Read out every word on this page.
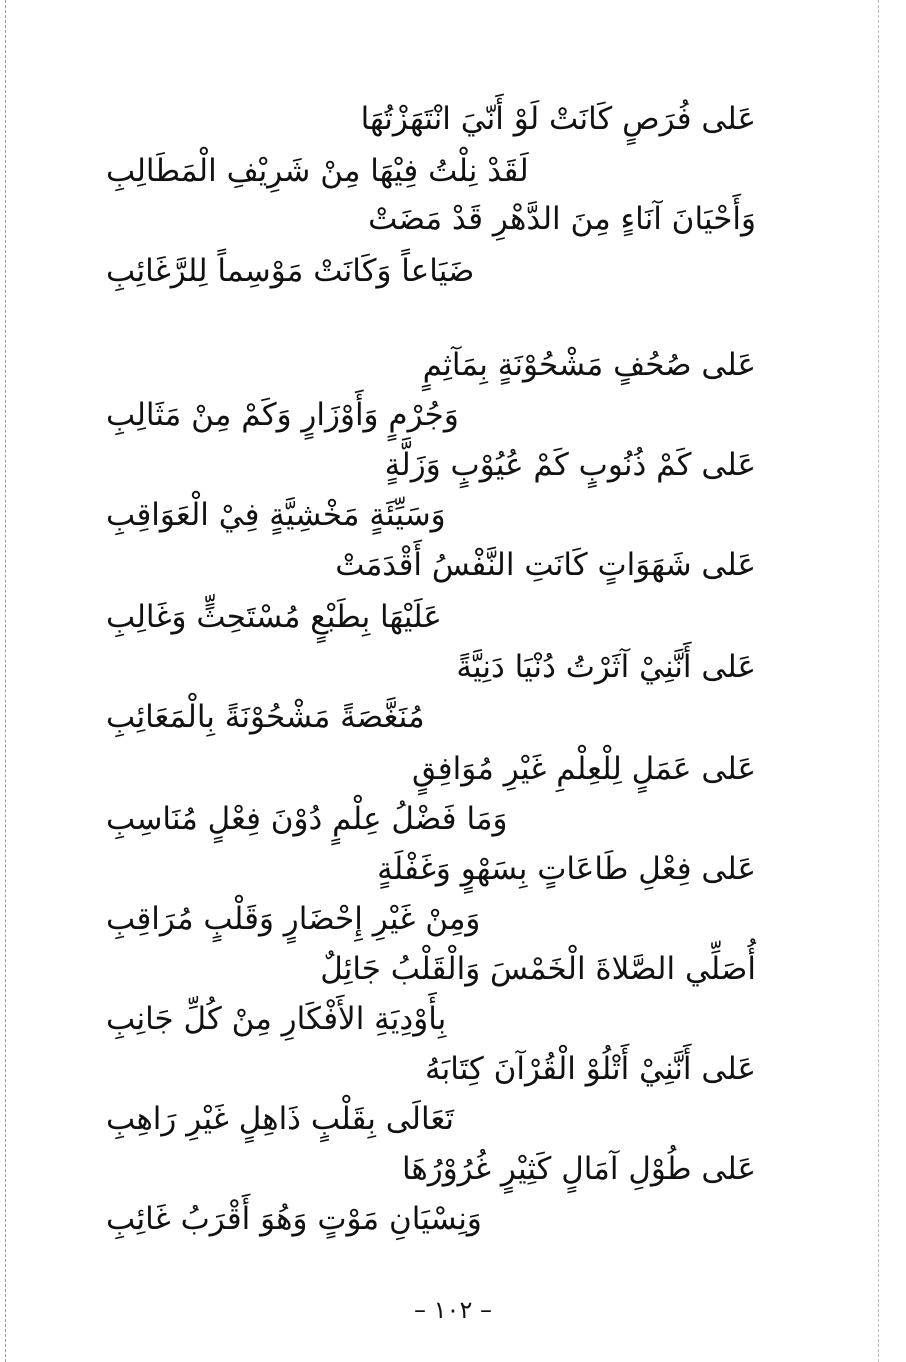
عَلى فُرَصٍ كَانَتْ لَوْ أَنّيَ انْتَهَزْتُهَا
لَقَدْ نِلْتُ فِيْهَا مِنْ شَرِيْفِ الْمَطَالِبِ
وَأَحْيَانَ آنَاءٍ مِنَ الدَّهْرِ قَدْ مَضَتْ
ضَيَاعاً وَكَانَتْ مَوْسِماً لِلرَّغَائِبِ
عَلى صُحُفٍ مَشْحُوْنَةٍ بِمَآثِمٍ
وَجُرْمٍ وَأَوْزَارٍ وَكَمْ مِنْ مَثَالِبِ
عَلى كَمْ ذُنُوبٍ كَمْ عُيُوْبٍ وَزَلَّةٍ
وَسَيِّئَةٍ مَخْشِيَّةٍ فِيْ الْعَوَاقِبِ
عَلى شَهَوَاتٍ كَانَتِ النَّفْسُ أَقْدَمَتْ
عَلَيْهَا بِطَبْعٍ مُسْتَحِثٍّ وَغَالِبِ
عَلى أَنَّنِيْ آثَرْتُ دُنْيَا دَنِيَّةً
مُنَغَّصَةً مَشْحُوْنَةً بِالْمَعَائِبِ
عَلى عَمَلٍ لِلْعِلْمِ غَيْرِ مُوَافِقٍ
وَمَا فَضْلُ عِلْمٍ دُوْنَ فِعْلٍ مُنَاسِبِ
عَلى فِعْلِ طَاعَاتٍ بِسَهْوٍ وَغَفْلَةٍ
وَمِنْ غَيْرِ إِحْضَارٍ وَقَلْبٍ مُرَاقِبِ
أُصَلِّي الصَّلاةَ الْخَمْسَ وَالْقَلْبُ جَائِلٌ
بِأَوْدِيَةِ الأَفْكَارِ مِنْ كُلِّ جَانِبِ
عَلى أَنَّنِيْ أَتْلُوْ الْقُرْآنَ كِتَابَهُ
تَعَالَى بِقَلْبٍ ذَاهِلٍ غَيْرِ رَاهِبِ
عَلى طُوْلِ آمَالٍ كَثِيْرٍ غُرُوْرُهَا
وَنِسْيَانِ مَوْتٍ وَهُوَ أَقْرَبُ غَائِبِ
– ١٠٢ –
